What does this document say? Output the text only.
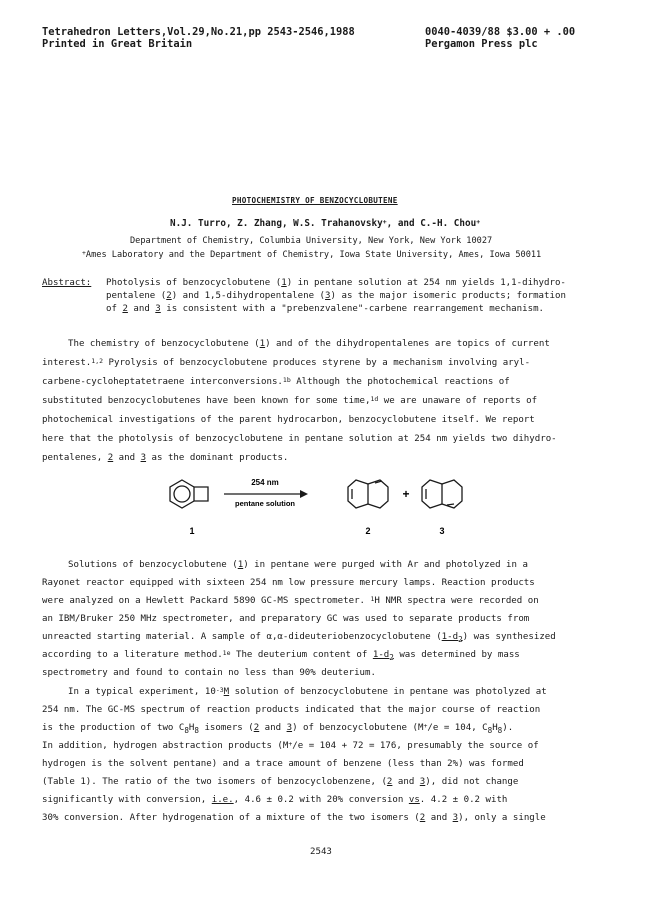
Tetrahedron Letters,Vol.29,No.21,pp 2543-2546,1988
Printed in Great Britain
0040-4039/88 $3.00 + .00
Pergamon Press plc
PHOTOCHEMISTRY OF BENZOCYCLOBUTENE
N.J. Turro, Z. Zhang, W.S. Trahanovsky+, and C.-H. Chou+
Department of Chemistry, Columbia University, New York, New York 10027
+Ames Laboratory and the Department of Chemistry, Iowa State University, Ames, Iowa 50011
Abstract: Photolysis of benzocyclobutene (1) in pentane solution at 254 nm yields 1,1-dihydro-
pentalene (2) and 1,5-dihydropentalene (3) as the major isomeric products; formation
of 2 and 3 is consistent with a "prebenzvalene"-carbene rearrangement mechanism.
The chemistry of benzocyclobutene (1) and of the dihydropentalenes are topics of current
interest.$^{1,2}$ Pyrolysis of benzocyclobutene produces styrene by a mechanism involving aryl-
carbene-cycloheptatetraene interconversions.$^{1b}$ Although the photochemical reactions of
substituted benzocyclobutenes have been known for some time,$^{1d}$ we are unaware of reports of
photochemical investigations of the parent hydrocarbon, benzocyclobutene itself. We report
here that the photolysis of benzocyclobutene in pentane solution at 254 nm yields two dihydro-
pentalenes, 2 and 3 as the dominant products.
254 nm
pentane solution
+
1	2	3
Solutions of benzocyclobutene (1) in pentane were purged with Ar and photolyzed in a
Rayonet reactor equipped with sixteen 254 nm low pressure mercury lamps. Reaction products
were analyzed on a Hewlett Packard 5890 GC-MS spectrometer. $^1$H NMR spectra were recorded on
an IBM/Bruker 250 MHz spectrometer, and preparatory GC was used to separate products from
unreacted starting material. A sample of α,α-dideuteriobenzocyclobutene $(1-d_2)$ was synthesized
according to a literature method.$^{1e}$ The deuterium content of $1-d_2$ was determined by mass
spectrometry and found to contain no less than 90% deuterium.
In a typical experiment, $10^{-3}M$ solution of benzocyclobutene in pentane was photolyzed at
254 nm. The GC-MS spectrum of reaction products indicated that the major course of reaction
is the production of two $C_8H_8$ isomers (2 and 3) of benzocyclobutene (M+/e = 104, $C_8H_8$).
In addition, hydrogen abstraction products (M+/e = 104 + 72 = 176, presumably the source of
hydrogen is the solvent pentane) and a trace amount of benzene (less than 2%) was formed
(Table 1). The ratio of the two isomers of benzocyclobenzene, (2 and 3), did not change
significantly with conversion, i.e., 4.6 ± 0.2 with 20% conversion vs. 4.2 ± 0.2 with
30% conversion. After hydrogenation of a mixture of the two isomers (2 and 3), only a single
2543
